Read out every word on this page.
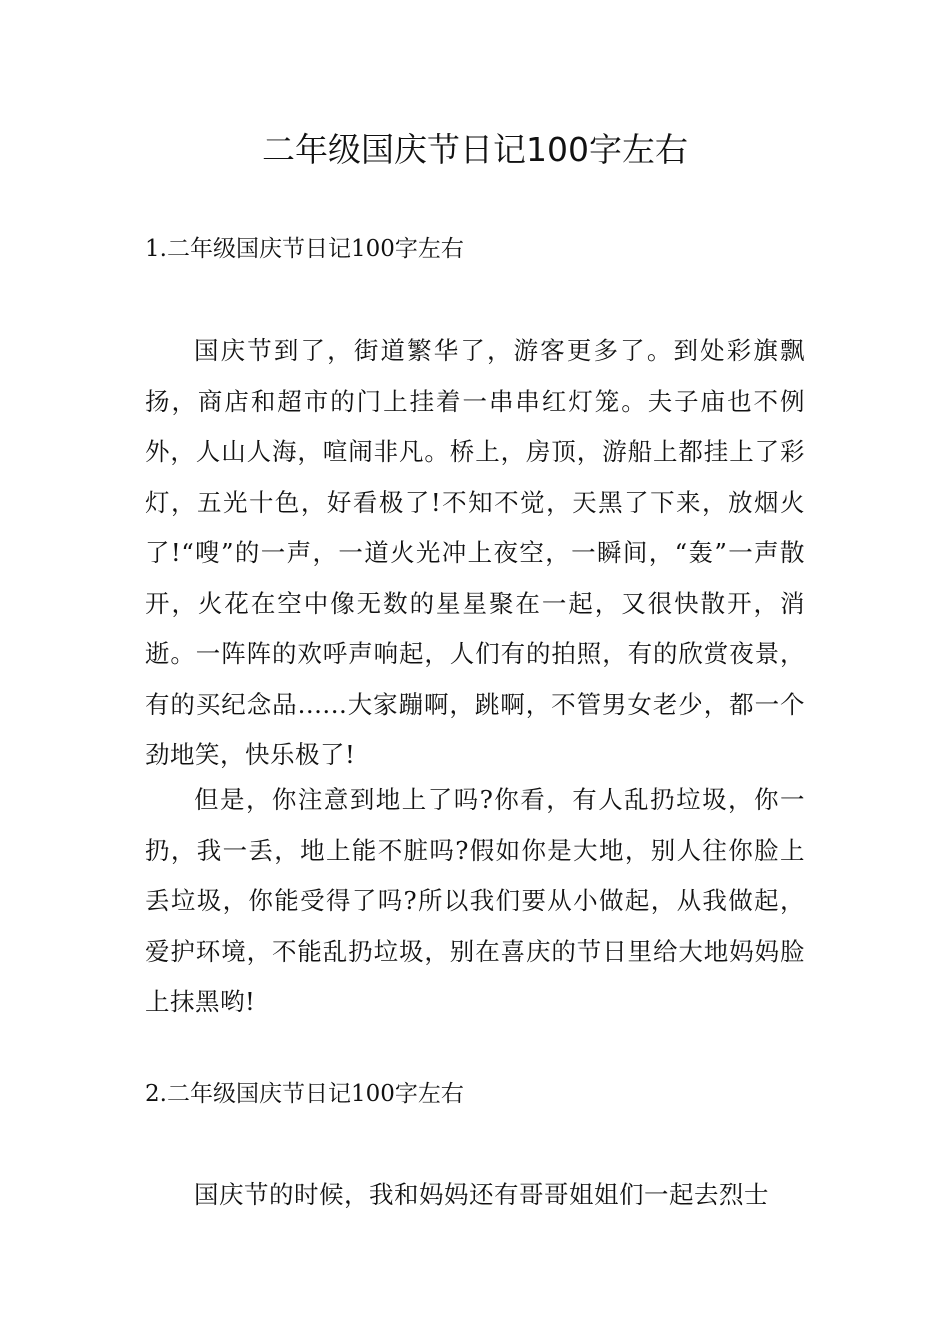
二年级国庆节日记100字左右
1.二年级国庆节日记100字左右

国庆节到了，街道繁华了，游客更多了。到处彩旗飘扬，商店和超市的门上挂着一串串红灯笼。夫子庙也不例外，人山人海，喧闹非凡。桥上，房顶，游船上都挂上了彩灯，五光十色，好看极了!不知不觉，天黑了下来，放烟火了!“嗖”的一声，一道火光冲上夜空，一瞬间，“轰”一声散开，火花在空中像无数的星星聚在一起，又很快散开，消逝。一阵阵的欢呼声响起，人们有的拍照，有的欣赏夜景，有的买纪念品......大家蹦啊，跳啊，不管男女老少，都一个劲地笑，快乐极了!

但是，你注意到地上了吗?你看，有人乱扔垃圾，你一扔，我一丢，地上能不脏吗?假如你是大地，别人往你脸上丢垃圾，你能受得了吗?所以我们要从小做起，从我做起，爱护环境，不能乱扔垃圾，别在喜庆的节日里给大地妈妈脸上抹黑哟!

2.二年级国庆节日记100字左右

国庆节的时候，我和妈妈还有哥哥姐姐们一起去烈士
